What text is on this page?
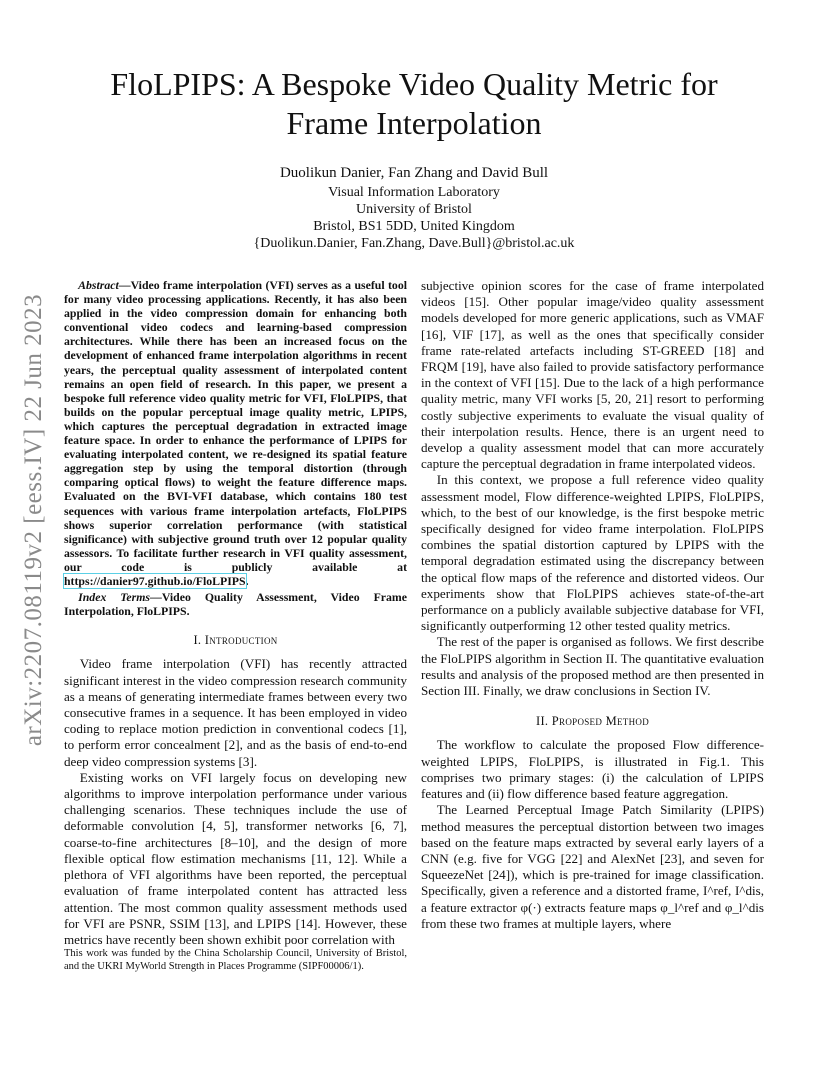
arXiv:2207.08119v2 [eess.IV] 22 Jun 2023
FloLPIPS: A Bespoke Video Quality Metric for
Frame Interpolation
Duolikun Danier, Fan Zhang and David Bull
Visual Information Laboratory
University of Bristol
Bristol, BS1 5DD, United Kingdom
{Duolikun.Danier, Fan.Zhang, Dave.Bull}@bristol.ac.uk

Abstract—Video frame interpolation (VFI) serves as a useful tool for many video processing applications. Recently, it has also been applied in the video compression domain for enhancing both conventional video codecs and learning-based compression architectures. While there has been an increased focus on the development of enhanced frame interpolation algorithms in recent years, the perceptual quality assessment of interpolated content remains an open field of research. In this paper, we present a bespoke full reference video quality metric for VFI, FloLPIPS, that builds on the popular perceptual image quality metric, LPIPS, which captures the perceptual degradation in extracted image feature space. In order to enhance the performance of LPIPS for evaluating interpolated content, we re-designed its spatial feature aggregation step by using the temporal distortion (through comparing optical flows) to weight the feature difference maps. Evaluated on the BVI-VFI database, which contains 180 test sequences with various frame interpolation artefacts, FloLPIPS shows superior correlation performance (with statistical significance) with subjective ground truth over 12 popular quality assessors. To facilitate further research in VFI quality assessment, our code is publicly available at https://danier97.github.io/FloLPIPS.

Index Terms—Video Quality Assessment, Video Frame Interpolation, FloLPIPS.

I. Introduction

Video frame interpolation (VFI) has recently attracted significant interest in the video compression research community as a means of generating intermediate frames between every two consecutive frames in a sequence. It has been employed in video coding to replace motion prediction in conventional codecs [1], to perform error concealment [2], and as the basis of end-to-end deep video compression systems [3].

Existing works on VFI largely focus on developing new algorithms to improve interpolation performance under various challenging scenarios. These techniques include the use of deformable convolution [4, 5], transformer networks [6, 7], coarse-to-fine architectures [8–10], and the design of more flexible optical flow estimation mechanisms [11, 12]. While a plethora of VFI algorithms have been reported, the perceptual evaluation of frame interpolated content has attracted less attention. The most common quality assessment methods used for VFI are PSNR, SSIM [13], and LPIPS [14]. However, these metrics have recently been shown exhibit poor correlation with

This work was funded by the China Scholarship Council, University of Bristol, and the UKRI MyWorld Strength in Places Programme (SIPF00006/1).

subjective opinion scores for the case of frame interpolated videos [15]. Other popular image/video quality assessment models developed for more generic applications, such as VMAF [16], VIF [17], as well as the ones that specifically consider frame rate-related artefacts including ST-GREED [18] and FRQM [19], have also failed to provide satisfactory performance in the context of VFI [15]. Due to the lack of a high performance quality metric, many VFI works [5, 20, 21] resort to performing costly subjective experiments to evaluate the visual quality of their interpolation results. Hence, there is an urgent need to develop a quality assessment model that can more accurately capture the perceptual degradation in frame interpolated videos.

In this context, we propose a full reference video quality assessment model, Flow difference-weighted LPIPS, FloLPIPS, which, to the best of our knowledge, is the first bespoke metric specifically designed for video frame interpolation. FloLPIPS combines the spatial distortion captured by LPIPS with the temporal degradation estimated using the discrepancy between the optical flow maps of the reference and distorted videos. Our experiments show that FloLPIPS achieves state-of-the-art performance on a publicly available subjective database for VFI, significantly outperforming 12 other tested quality metrics.

The rest of the paper is organised as follows. We first describe the FloLPIPS algorithm in Section II. The quantitative evaluation results and analysis of the proposed method are then presented in Section III. Finally, we draw conclusions in Section IV.

II. Proposed Method

The workflow to calculate the proposed Flow difference-weighted LPIPS, FloLPIPS, is illustrated in Fig.1. This comprises two primary stages: (i) the calculation of LPIPS features and (ii) flow difference based feature aggregation.

The Learned Perceptual Image Patch Similarity (LPIPS) method measures the perceptual distortion between two images based on the feature maps extracted by several early layers of a CNN (e.g. five for VGG [22] and AlexNet [23], and seven for SqueezeNet [24]), which is pre-trained for image classification. Specifically, given a reference and a distorted frame, I^ref, I^dis, a feature extractor φ(·) extracts feature maps φ_l^ref and φ_l^dis from these two frames at multiple layers, where
